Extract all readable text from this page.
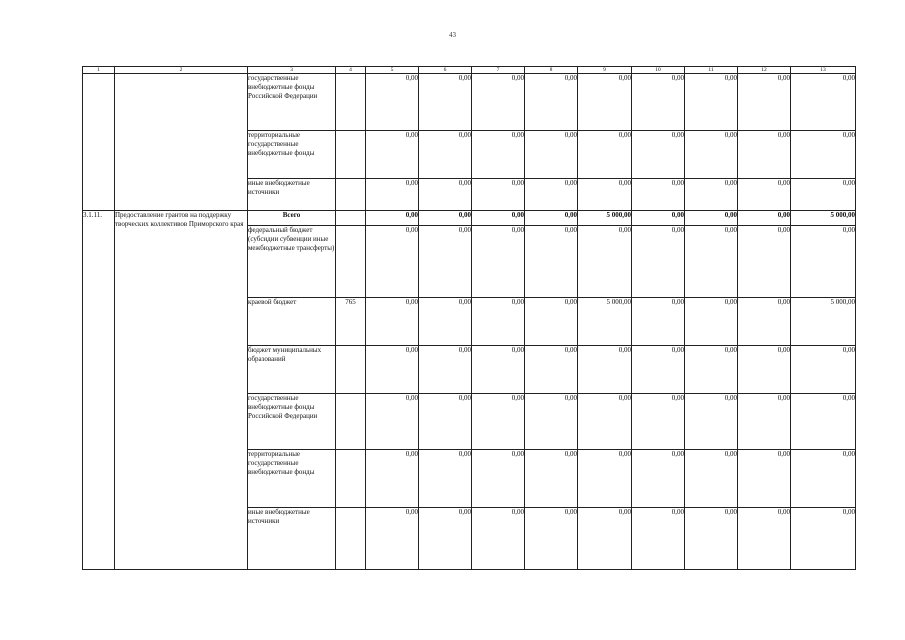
43
1	2	3	4	5	6	7	8	9	10	11	12	13
		государственные внебюджетные фонды Российской Федерации		0,00	0,00	0,00	0,00	0,00	0,00	0,00	0,00	0,00
		территориальные государственные внебюджетные фонды		0,00	0,00	0,00	0,00	0,00	0,00	0,00	0,00	0,00
		иные внебюджетные источники		0,00	0,00	0,00	0,00	0,00	0,00	0,00	0,00	0,00
3.1.11.	Предоставление грантов на поддержку творческих коллективов Приморского края	Всего		0,00	0,00	0,00	0,00	5 000,00	0,00	0,00	0,00	5 000,00
		федеральный бюджет (субсидии субвенции иные межбюджетные трансферты)		0,00	0,00	0,00	0,00	0,00	0,00	0,00	0,00	0,00
		краевой бюджет	765	0,00	0,00	0,00	0,00	5 000,00	0,00	0,00	0,00	5 000,00
		бюджет муниципальных образований		0,00	0,00	0,00	0,00	0,00	0,00	0,00	0,00	0,00
		государственные внебюджетные фонды Российской Федерации		0,00	0,00	0,00	0,00	0,00	0,00	0,00	0,00	0,00
		территориальные государственные внебюджетные фонды		0,00	0,00	0,00	0,00	0,00	0,00	0,00	0,00	0,00
		иные внебюджетные источники		0,00	0,00	0,00	0,00	0,00	0,00	0,00	0,00	0,00
